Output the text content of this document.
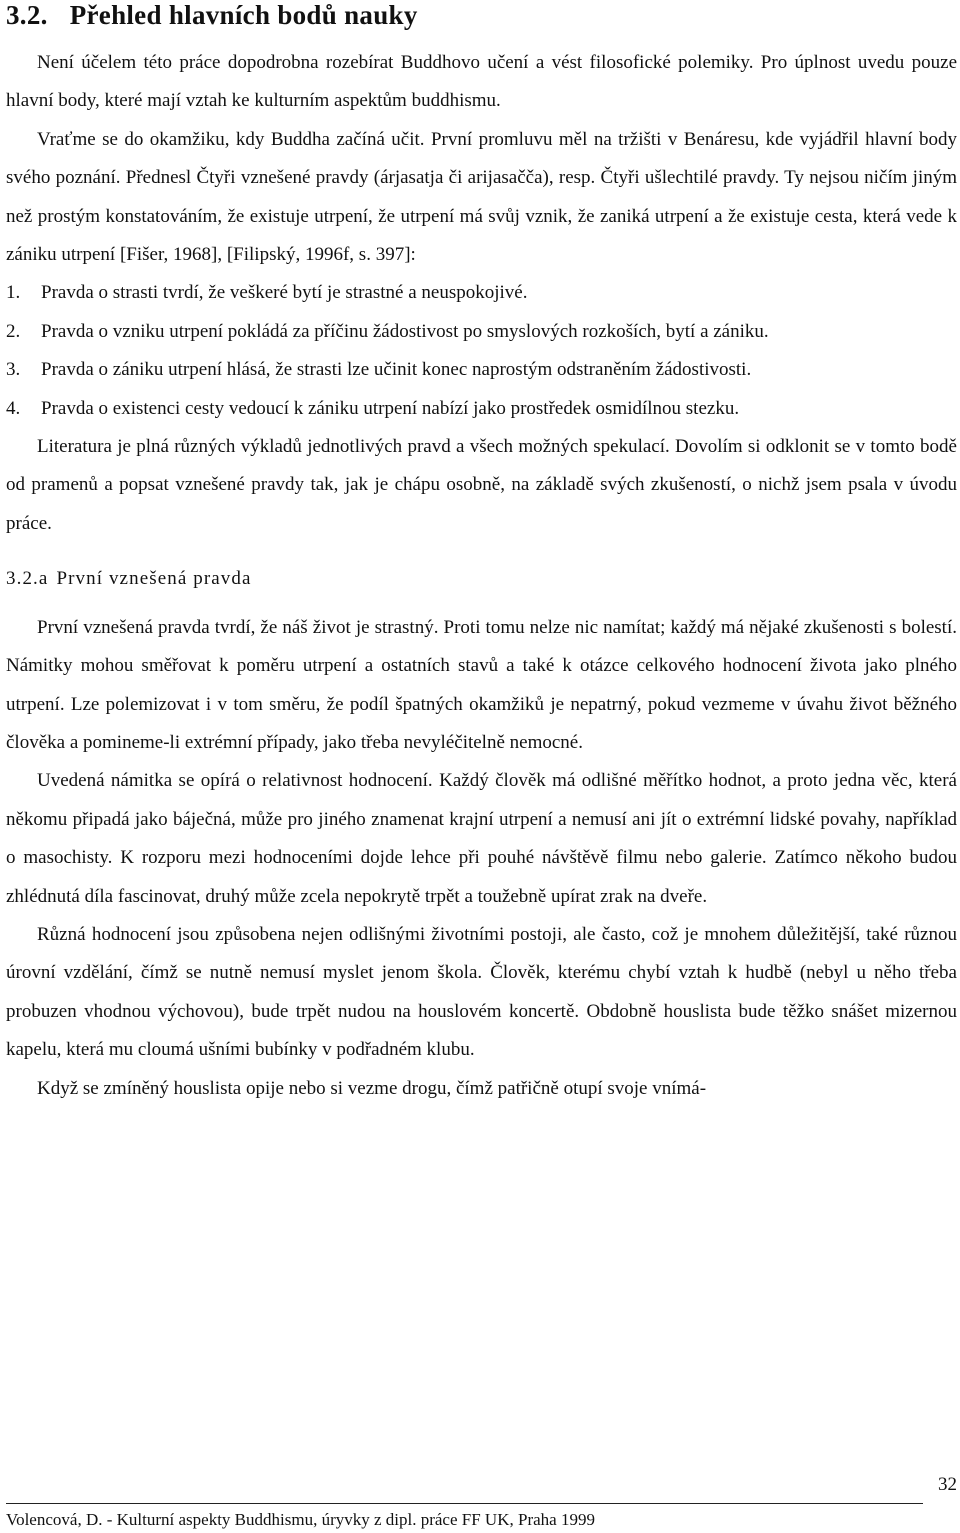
3.2. Přehled hlavních bodů nauky

Není účelem této práce dopodrobna rozebírat Buddhovo učení a vést filosofické polemiky. Pro úplnost uvedu pouze hlavní body, které mají vztah ke kulturním aspektům buddhismu.

Vraťme se do okamžiku, kdy Buddha začíná učit. První promluvu měl na tržišti v Benáresu, kde vyjádřil hlavní body svého poznání. Přednesl Čtyři vznešené pravdy (árjasatja či arijasačča), resp. Čtyři ušlechtilé pravdy. Ty nejsou ničím jiným než prostým konstatováním, že existuje utrpení, že utrpení má svůj vznik, že zaniká utrpení a že existuje cesta, která vede k zániku utrpení [Fišer, 1968], [Filipský, 1996f, s. 397]:

1. Pravda o strasti tvrdí, že veškeré bytí je strastné a neuspokojivé.
2. Pravda o vzniku utrpení pokládá za příčinu žádostivost po smyslových rozkoších, bytí a zániku.
3. Pravda o zániku utrpení hlásá, že strasti lze učinit konec naprostým odstraněním žádostivosti.
4. Pravda o existenci cesty vedoucí k zániku utrpení nabízí jako prostředek osmidílnou stezku.

Literatura je plná různých výkladů jednotlivých pravd a všech možných spekulací. Dovolím si odklonit se v tomto bodě od pramenů a popsat vznešené pravdy tak, jak je chápu osobně, na základě svých zkušeností, o nichž jsem psala v úvodu práce.

3.2.a První vznešená pravda

První vznešená pravda tvrdí, že náš život je strastný. Proti tomu nelze nic namítat; každý má nějaké zkušenosti s bolestí. Námitky mohou směřovat k poměru utrpení a ostatních stavů a také k otázce celkového hodnocení života jako plného utrpení. Lze polemizovat i v tom směru, že podíl špatných okamžiků je nepatrný, pokud vezmeme v úvahu život běžného člověka a pomineme-li extrémní případy, jako třeba nevyléčitelně nemocné.

Uvedená námitka se opírá o relativnost hodnocení. Každý člověk má odlišné měřítko hodnot, a proto jedna věc, která někomu připadá jako báječná, může pro jiného znamenat krajní utrpení a nemusí ani jít o extrémní lidské povahy, například o masochisty. K rozporu mezi hodnoceními dojde lehce při pouhé návštěvě filmu nebo galerie. Zatímco někoho budou zhlédnutá díla fascinovat, druhý může zcela nepokrytě trpět a toužebně upírat zrak na dveře.

Různá hodnocení jsou způsobena nejen odlišnými životními postoji, ale často, což je mnohem důležitější, také různou úrovní vzdělání, čímž se nutně nemusí myslet jenom škola. Člověk, kterému chybí vztah k hudbě (nebyl u něho třeba probuzen vhodnou výchovou), bude trpět nudou na houslovém koncertě. Obdobně houslista bude těžko snášet mizernou kapelu, která mu cloumá ušními bubínky v podřadném klubu.

Když se zmíněný houslista opije nebo si vezme drogu, čímž patřičně otupí svoje vnímá-

32
Volencová, D. - Kulturní aspekty Buddhismu, úryvky z dipl. práce FF UK, Praha 1999
